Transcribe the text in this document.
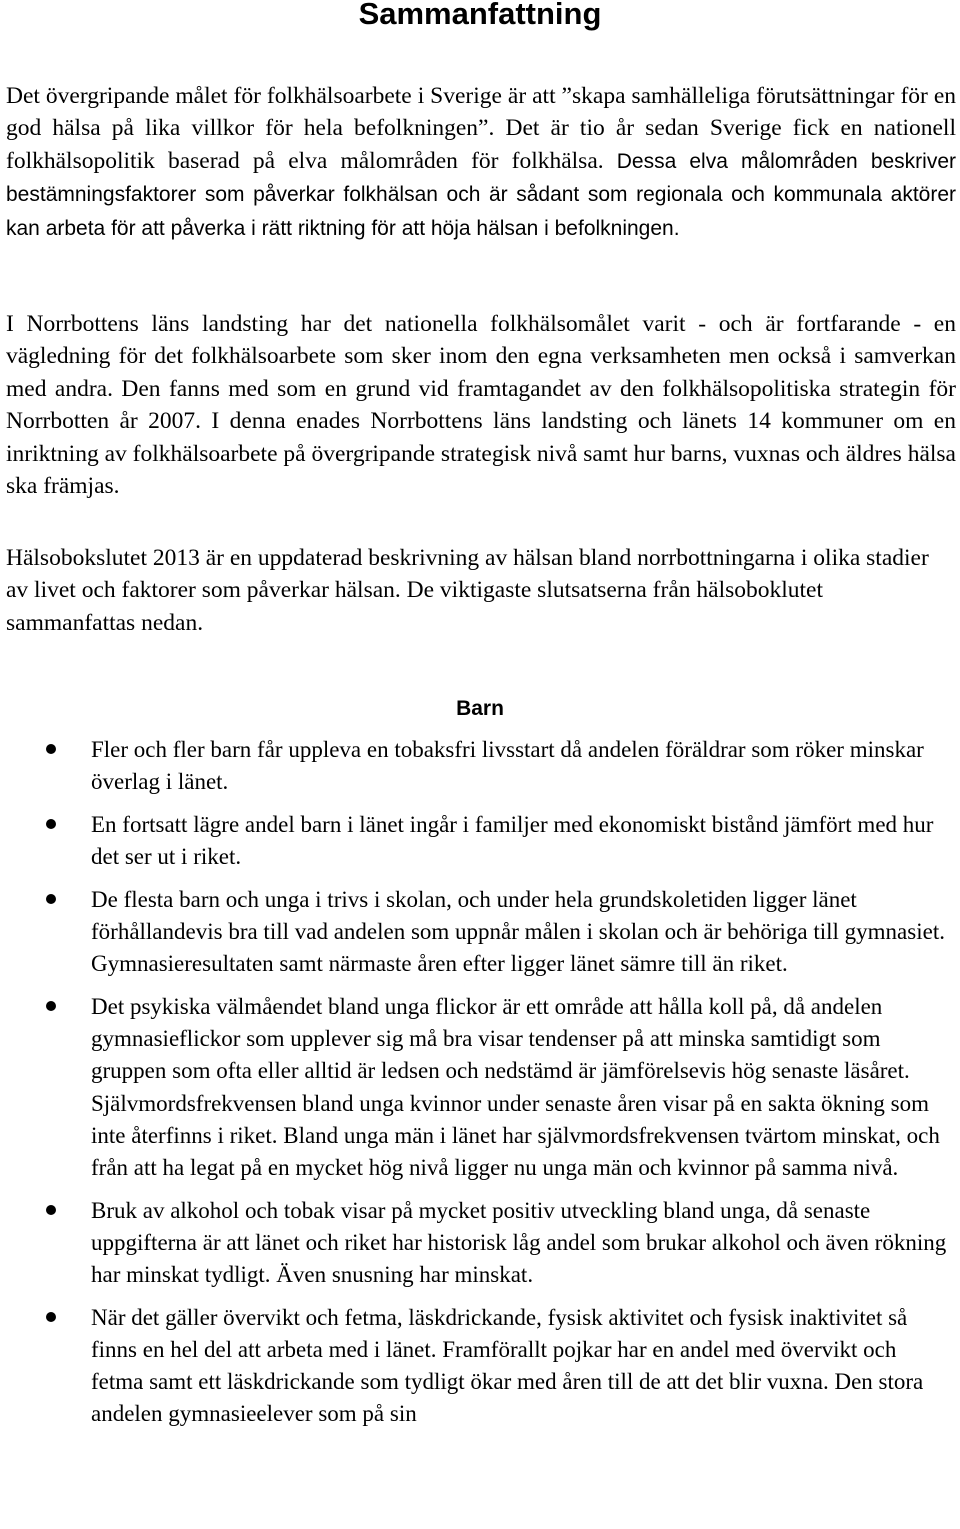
Sammanfattning

Det övergripande målet för folkhälsoarbete i Sverige är att ”skapa samhälleliga förutsättningar för en god hälsa på lika villkor för hela befolkningen”. Det är tio år sedan Sverige fick en nationell folkhälsopolitik baserad på elva målområden för folkhälsa. Dessa elva målområden beskriver bestämningsfaktorer som påverkar folkhälsan och är sådant som regionala och kommunala aktörer kan arbeta för att påverka i rätt riktning för att höja hälsan i befolkningen.

I Norrbottens läns landsting har det nationella folkhälsomålet varit - och är fortfarande - en vägledning för det folkhälsoarbete som sker inom den egna verksamheten men också i samverkan med andra. Den fanns med som en grund vid framtagandet av den folkhälsopolitiska strategin för Norrbotten år 2007. I denna enades Norrbottens läns landsting och länets 14 kommuner om en inriktning av folkhälsoarbete på övergripande strategisk nivå samt hur barns, vuxnas och äldres hälsa ska främjas.

Hälsobokslutet 2013 är en uppdaterad beskrivning av hälsan bland norrbottningarna i olika stadier av livet och faktorer som påverkar hälsan. De viktigaste slutsatserna från hälsoboklutet sammanfattas nedan.

Barn
Fler och fler barn får uppleva en tobaksfri livsstart då andelen föräldrar som röker minskar överlag i länet.
En fortsatt lägre andel barn i länet ingår i familjer med ekonomiskt bistånd jämfört med hur det ser ut i riket.
De flesta barn och unga i trivs i skolan, och under hela grundskoletiden ligger länet förhållandevis bra till vad andelen som uppnår målen i skolan och är behöriga till gymnasiet. Gymnasieresultaten samt närmaste åren efter ligger länet sämre till än riket.
Det psykiska välmåendet bland unga flickor är ett område att hålla koll på, då andelen gymnasieflickor som upplever sig må bra visar tendenser på att minska samtidigt som gruppen som ofta eller alltid är ledsen och nedstämd är jämförelsevis hög senaste läsåret. Självmordsfrekvensen bland unga kvinnor under senaste åren visar på en sakta ökning som inte återfinns i riket. Bland unga män i länet har självmordsfrekvensen tvärtom minskat, och från att ha legat på en mycket hög nivå ligger nu unga män och kvinnor på samma nivå.
Bruk av alkohol och tobak visar på mycket positiv utveckling bland unga, då senaste uppgifterna är att länet och riket har historisk låg andel som brukar alkohol och även rökning har minskat tydligt. Även snusning har minskat.
När det gäller övervikt och fetma, läskdrickande, fysisk aktivitet och fysisk inaktivitet så finns en hel del att arbeta med i länet. Framförallt pojkar har en andel med övervikt och fetma samt ett läskdrickande som tydligt ökar med åren till de att det blir vuxna. Den stora andelen gymnasieelever som på sin
